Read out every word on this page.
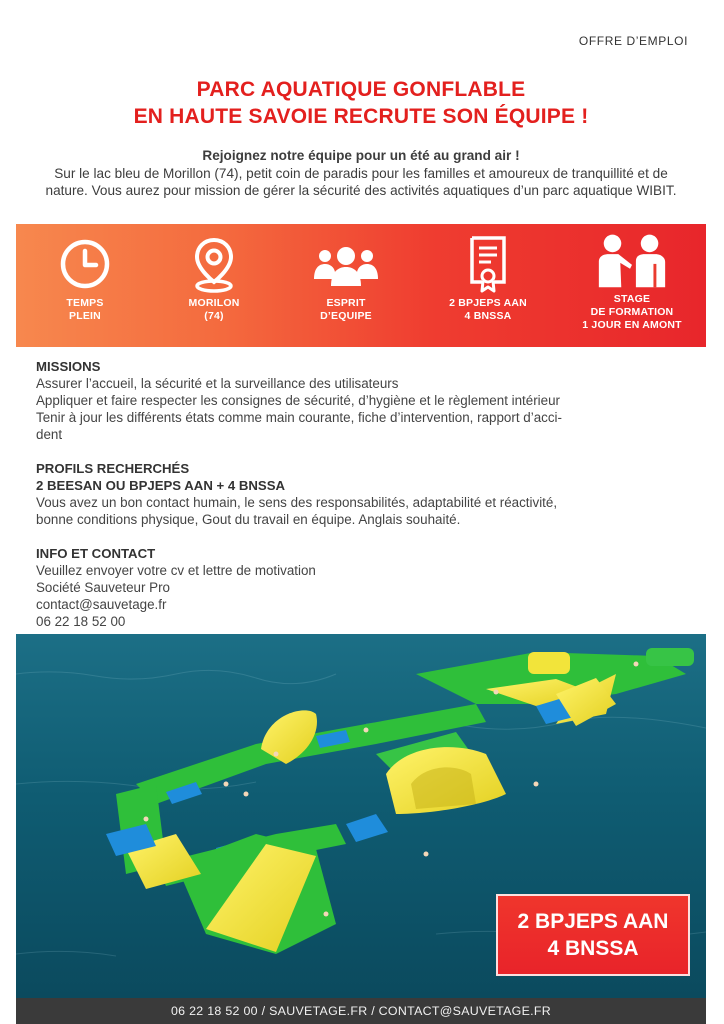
OFFRE D’EMPLOI
PARC AQUATIQUE GONFLABLE
EN HAUTE SAVOIE RECRUTE SON ÉQUIPE !
Rejoignez notre équipe pour un été au grand air !
Sur le lac bleu de Morillon (74), petit coin de paradis pour les familles et amoureux de tranquillité et de nature. Vous aurez pour mission de gérer la sécurité des activités aquatiques d’un parc aquatique WIBIT.
TEMPS
PLEIN
MORILON
(74)
ESPRIT
D’EQUIPE
2 BPJEPS AAN
4 BNSSA
STAGE
DE FORMATION
1 JOUR EN AMONT
MISSIONS
Assurer l’accueil, la sécurité et la surveillance des utilisateurs
Appliquer et faire respecter les consignes de sécurité, d’hygiène et le règlement intérieur
Tenir à jour les différents états comme main courante, fiche d’intervention, rapport d’acci-
dent
PROFILS RECHERCHÉS
2 BEESAN OU BPJEPS AAN + 4 BNSSA
Vous avez un bon contact humain, le sens des responsabilités, adaptabilité et réactivité,
bonne conditions physique, Gout du travail en équipe. Anglais souhaité.
INFO ET CONTACT
Veuillez envoyer votre cv et lettre de motivation
Société Sauveteur Pro
contact@sauvetage.fr
06 22 18 52 00
2 BPJEPS AAN
4 BNSSA
06 22 18 52 00 / SAUVETAGE.FR / CONTACT@SAUVETAGE.FR
